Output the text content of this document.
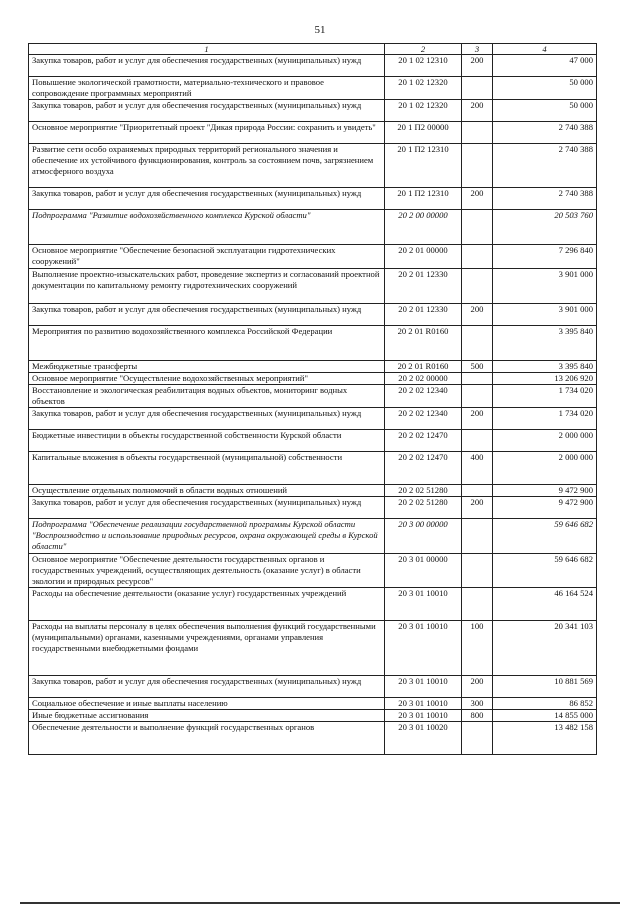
51
1	2	3	4
Закупка товаров, работ и услуг для обеспечения государственных (муниципальных) нужд	20 1 02 12310	200	47 000
Повышение экологической грамотности, материально-технического и правовое сопровождение программных мероприятий	20 1 02 12320		50 000
Закупка товаров, работ и услуг для обеспечения государственных (муниципальных) нужд	20 1 02 12320	200	50 000
Основное мероприятие "Приоритетный проект "Дикая природа России: сохранить и увидеть"	20 1 П2 00000		2 740 388
Развитие сети особо охраняемых природных территорий регионального значения и обеспечение их устойчивого функционирования, контроль за состоянием почв, загрязнением атмосферного воздуха	20 1 П2 12310		2 740 388
Закупка товаров, работ и услуг для обеспечения государственных (муниципальных) нужд	20 1 П2 12310	200	2 740 388
Подпрограмма "Развитие водохозяйственного комплекса Курской области"	20 2 00 00000		20 503 760
Основное мероприятие "Обеспечение безопасной эксплуатации гидротехнических сооружений"	20 2 01 00000		7 296 840
Выполнение проектно-изыскательских работ, проведение экспертиз и согласований проектной документации по капитальному ремонту гидротехнических сооружений	20 2 01 12330		3 901 000
Закупка товаров, работ и услуг для обеспечения государственных (муниципальных) нужд	20 2 01 12330	200	3 901 000
Мероприятия по развитию водохозяйственного комплекса Российской Федерации	20 2 01 R0160		3 395 840
Межбюджетные трансферты	20 2 01 R0160	500	3 395 840
Основное мероприятие "Осуществление водохозяйственных мероприятий"	20 2 02 00000		13 206 920
Восстановление и экологическая реабилитация водных объектов, мониторинг водных объектов	20 2 02 12340		1 734 020
Закупка товаров, работ и услуг для обеспечения государственных (муниципальных) нужд	20 2 02 12340	200	1 734 020
Бюджетные инвестиции в объекты государственной собственности Курской области	20 2 02 12470		2 000 000
Капитальные вложения в объекты государственной (муниципальной) собственности	20 2 02 12470	400	2 000 000
Осуществление отдельных полномочий в области водных отношений	20 2 02 51280		9 472 900
Закупка товаров, работ и услуг для обеспечения государственных (муниципальных) нужд	20 2 02 51280	200	9 472 900
Подпрограмма "Обеспечение реализации государственной программы Курской области "Воспроизводство и использование природных ресурсов, охрана окружающей среды в Курской области"	20 3 00 00000		59 646 682
Основное мероприятие "Обеспечение деятельности государственных органов и государственных учреждений, осуществляющих деятельность (оказание услуг) в области экологии и природных ресурсов"	20 3 01 00000		59 646 682
Расходы на обеспечение деятельности (оказание услуг) государственных учреждений	20 3 01 10010		46 164 524
Расходы на выплаты персоналу в целях обеспечения выполнения функций государственными (муниципальными) органами, казенными учреждениями, органами управления государственными внебюджетными фондами	20 3 01 10010	100	20 341 103
Закупка товаров, работ и услуг для обеспечения государственных (муниципальных) нужд	20 3 01 10010	200	10 881 569
Социальное обеспечение и иные выплаты населению	20 3 01 10010	300	86 852
Иные бюджетные ассигнования	20 3 01 10010	800	14 855 000
Обеспечение деятельности и выполнение функций государственных органов	20 3 01 10020		13 482 158
